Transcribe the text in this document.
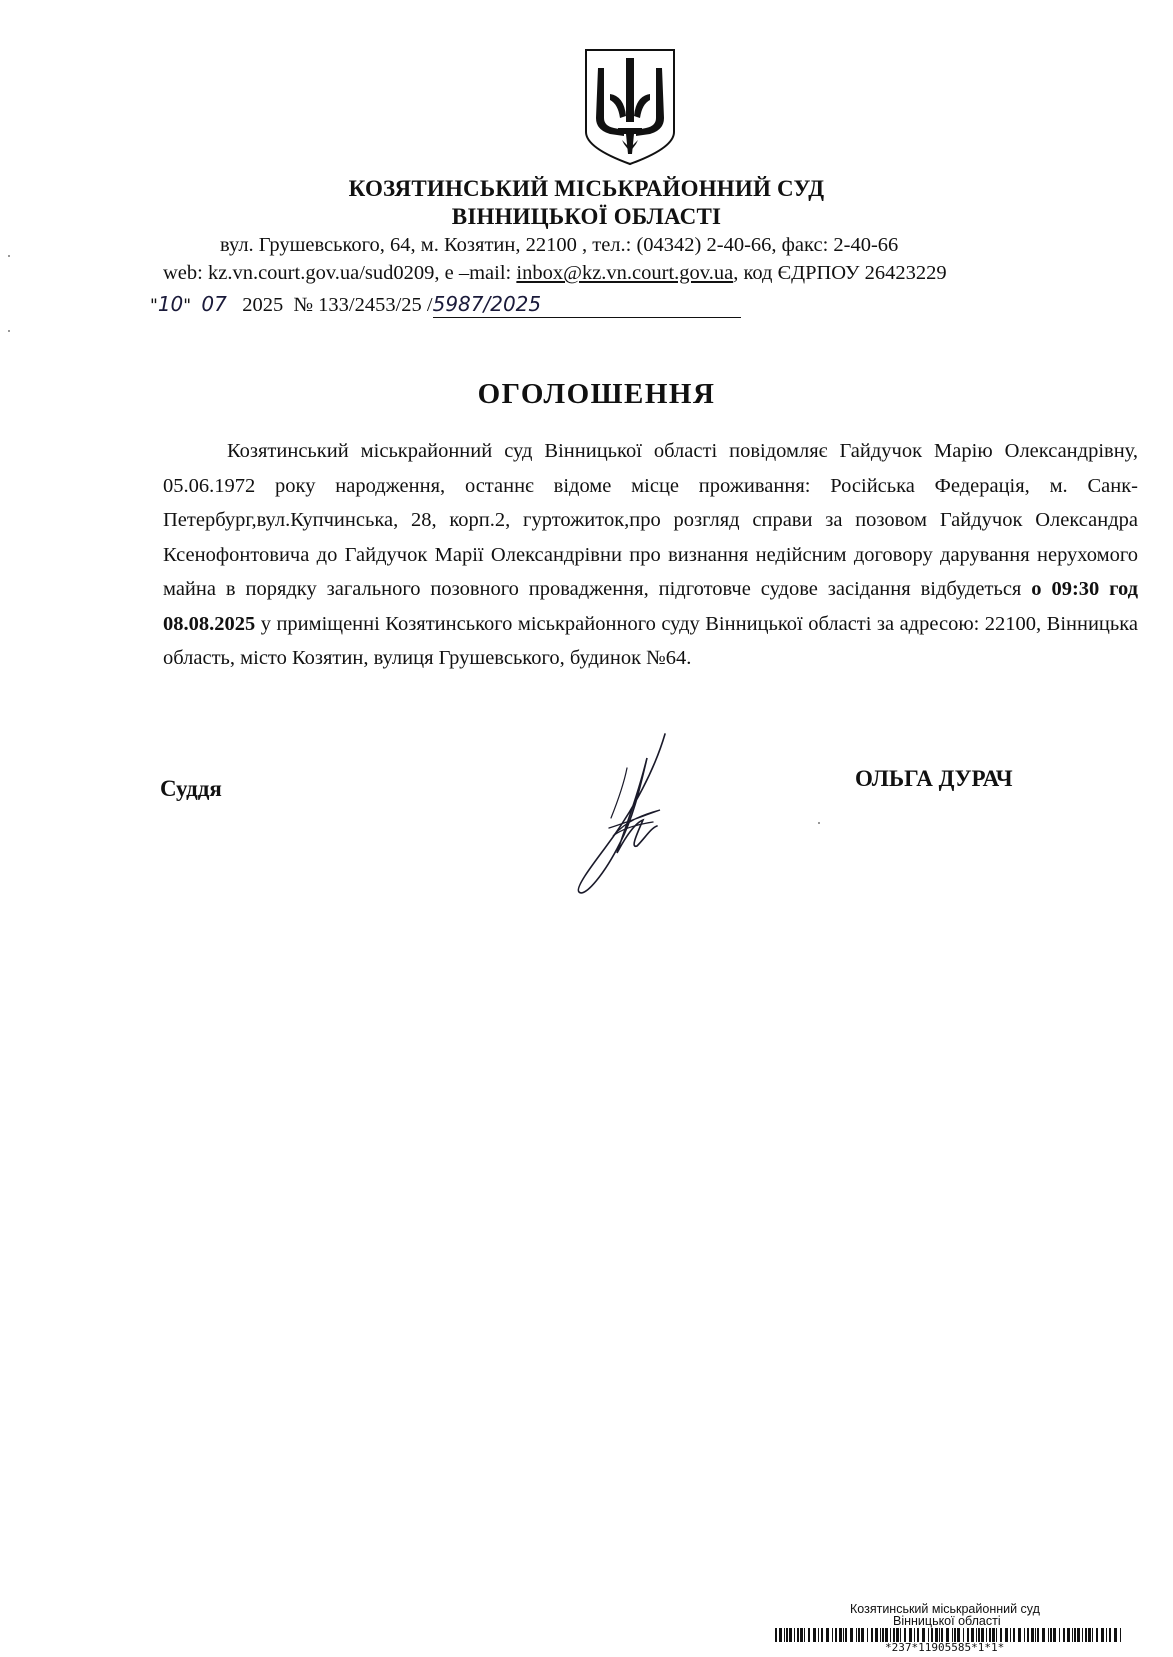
КОЗЯТИНСЬКИЙ МІСЬКРАЙОННИЙ СУД
ВІННИЦЬКОЇ ОБЛАСТІ
вул. Грушевського, 64, м. Козятин, 22100 , тел.: (04342) 2-40-66, факс: 2-40-66
web: kz.vn.court.gov.ua/sud0209, е –mail: inbox@kz.vn.court.gov.ua, код ЄДРПОУ 26423229
"10" 07 2025 № 133/2453/25 /5987/2025
ОГОЛОШЕННЯ
Козятинський міськрайонний суд Вінницької області повідомляє Гайдучок Марію Олександрівну, 05.06.1972 року народження, останнє відоме місце проживання: Російська Федерація, м. Санк-Петербург,вул.Купчинська, 28, корп.2, гуртожиток,про розгляд справи за позовом Гайдучок Олександра Ксенофонтовича до Гайдучок Марії Олександрівни про визнання недійсним договору дарування нерухомого майна в порядку загального позовного провадження, підготовче судове засідання відбудеться о 09:30 год 08.08.2025 у приміщенні Козятинського міськрайонного суду Вінницької області за адресою: 22100, Вінницька область, місто Козятин, вулиця Грушевського, будинок №64.
Суддя	ОЛЬГА ДУРАЧ
Козятинський міськрайонний суд
Вінницької області
*237*11905585*1*1*
